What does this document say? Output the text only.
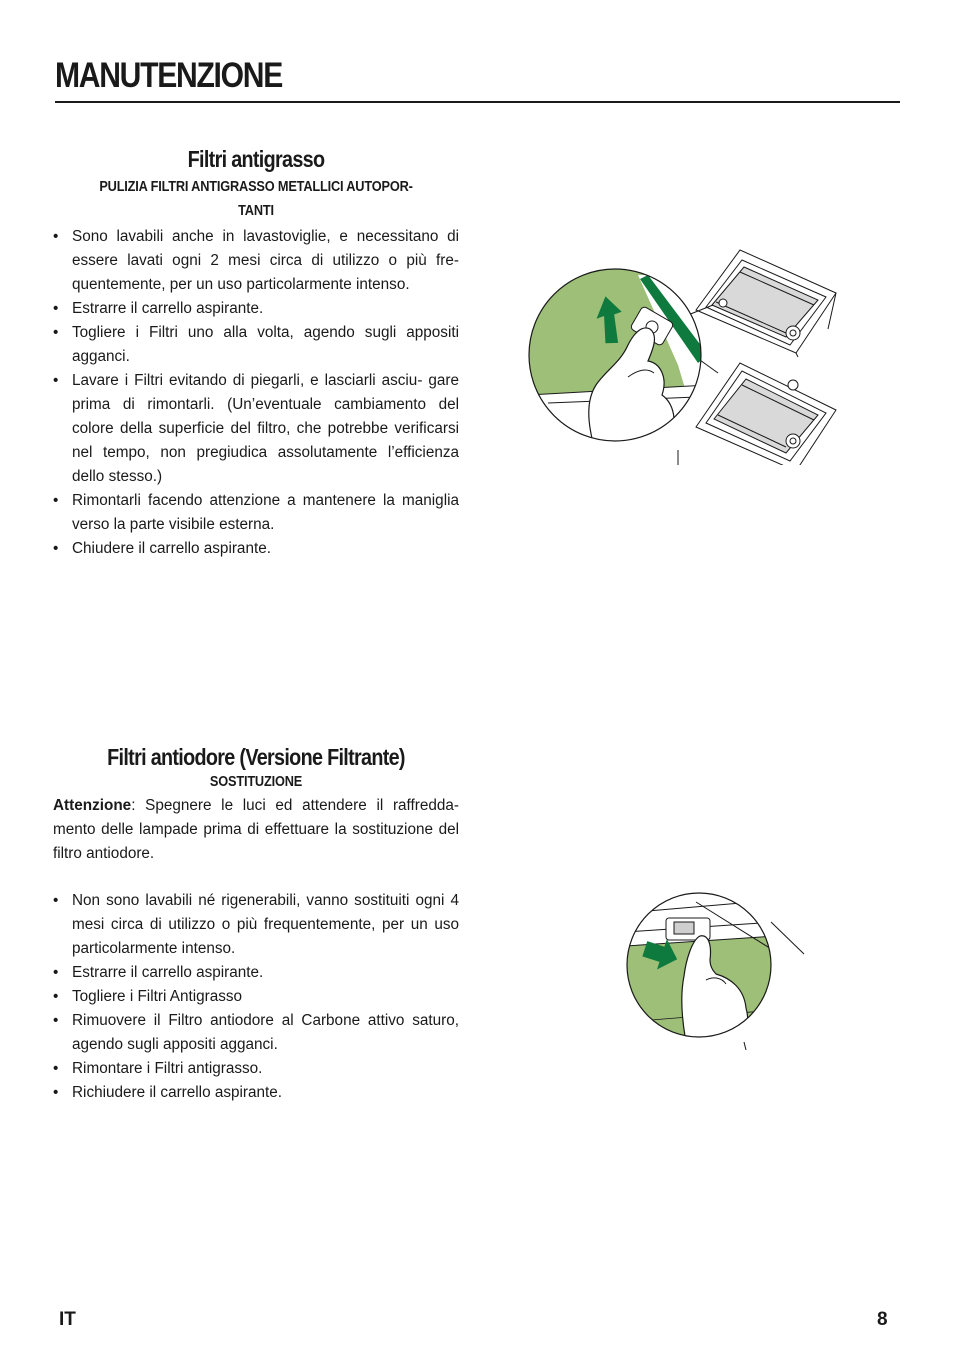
MANUTENZIONE
Filtri antigrasso
PULIZIA FILTRI ANTIGRASSO METALLICI AUTOPOR-
TANTI
• Sono lavabili anche in lavastoviglie, e necessitano di essere lavati ogni 2 mesi circa di utilizzo o più fre- quentemente, per un uso particolarmente intenso.
• Estrarre il carrello aspirante.
• Togliere i Filtri uno alla volta, agendo sugli appositi agganci.
• Lavare i Filtri evitando di piegarli, e lasciarli asciu- gare prima di rimontarli. (Un’eventuale cambiamento del colore della superficie del filtro, che potrebbe verificarsi nel tempo, non pregiudica assolutamente l’efficienza dello stesso.)
• Rimontarli facendo attenzione a mantenere la maniglia verso la parte visibile esterna.
• Chiudere il carrello aspirante.
Filtri antiodore (Versione Filtrante)
SOSTITUZIONE

Attenzione: Spegnere le luci ed attendere il raffredda- mento delle lampade prima di effettuare la sostituzione del filtro antiodore.

• Non sono lavabili né rigenerabili, vanno sostituiti ogni 4 mesi circa di utilizzo o più frequentemente, per un uso particolarmente intenso.
• Estrarre il carrello aspirante.
• Togliere i Filtri Antigrasso
• Rimuovere il Filtro antiodore al Carbone attivo saturo, agendo sugli appositi agganci.
• Rimontare i Filtri antigrasso.
• Richiudere il carrello aspirante.
IT	8
